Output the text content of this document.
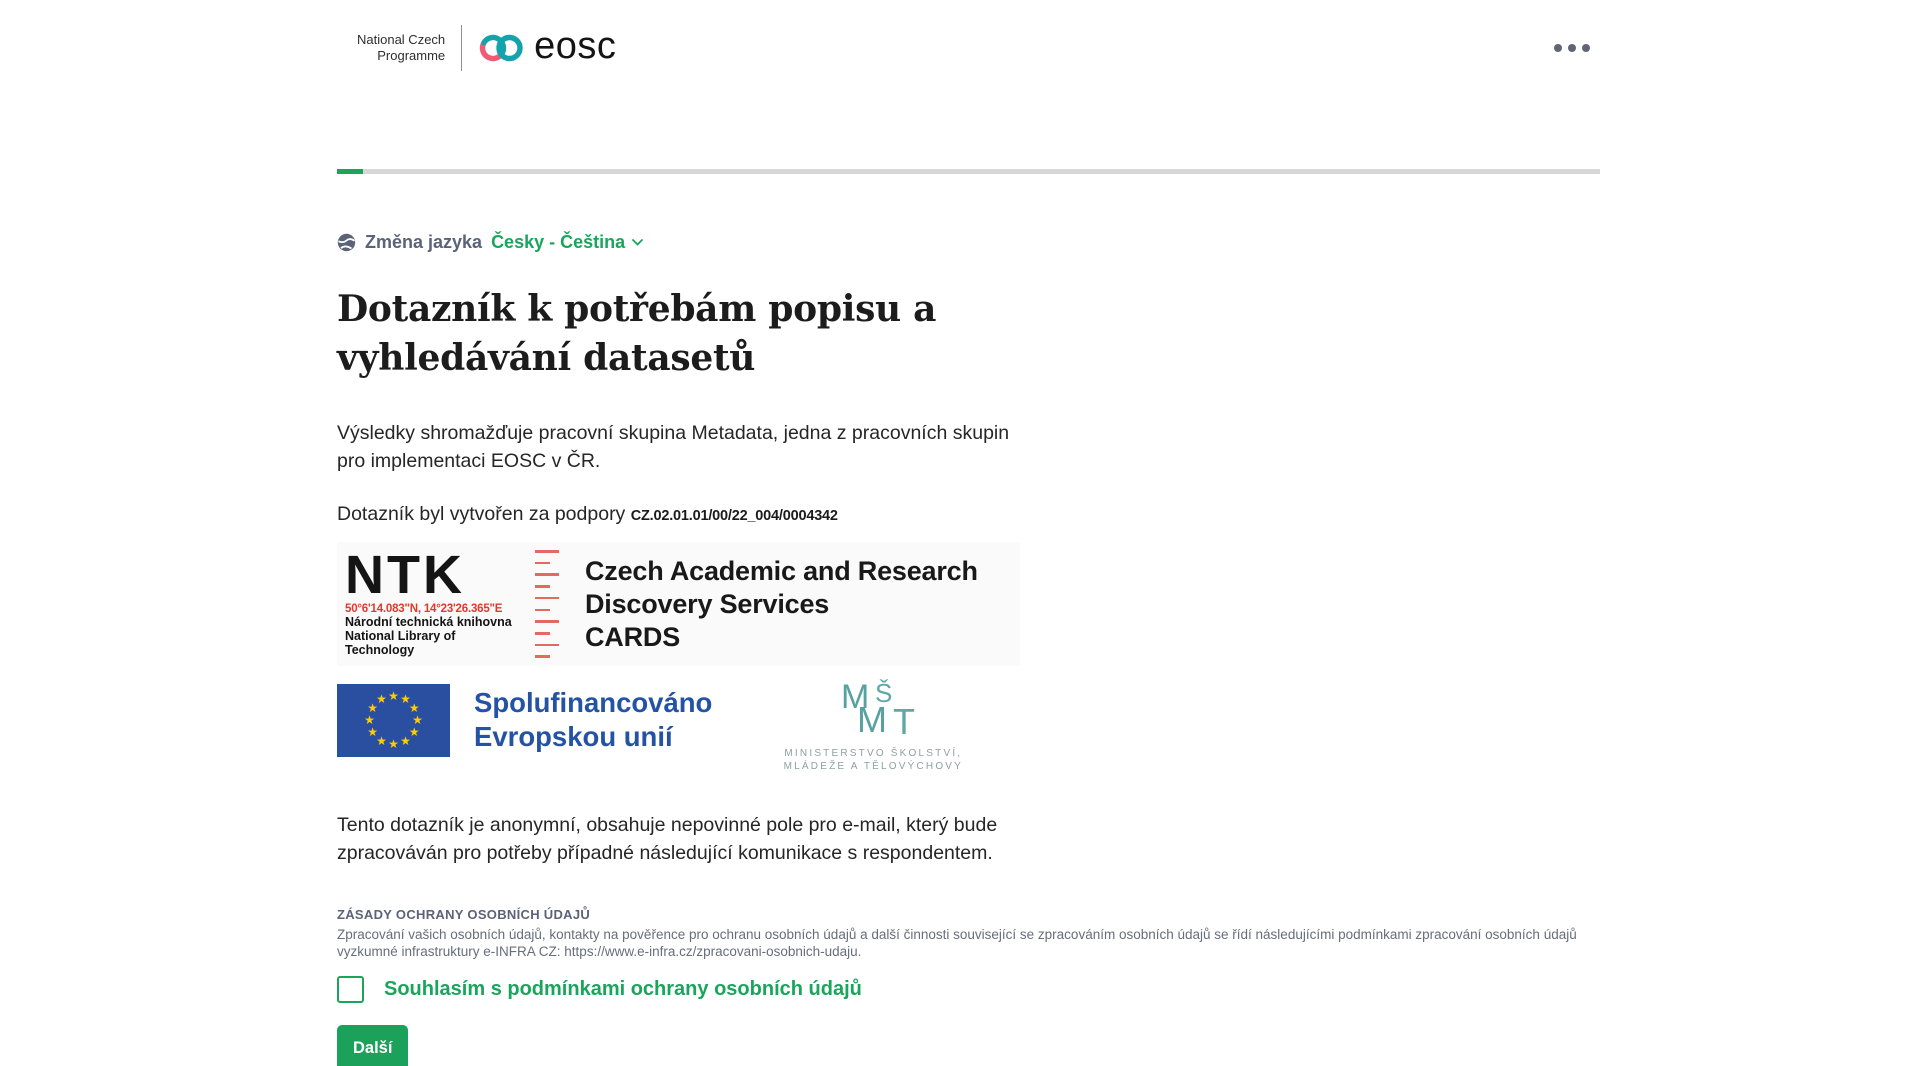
National Czech
Programme eosc
Změna jazyka Česky - Čeština
Dotazník k potřebám popisu a vyhledávání datasetů

Výsledky shromažďuje pracovní skupina Metadata, jedna z pracovních skupin pro implementaci EOSC v ČR.

Dotazník byl vytvořen za podpory CZ.02.01.01/00/22_004/0004342

NTK
50°6'14.083"N, 14°23'26.365"E
Národní technická knihovna
National Library of Technology
Czech Academic and Research
Discovery Services
CARDS
★ ★
★
★
★
★
★
★
★
★
★
★	Spolufinancováno
Evropskou unií
M Š
M T
MINISTERSTVO ŠKOLSTVÍ,
MLÁDEŽE A TĚLOVÝCHOVY

Tento dotazník je anonymní, obsahuje nepovinné pole pro e-mail, který bude zpracováván pro potřeby případné následující komunikace s respondentem.

ZÁSADY OCHRANY OSOBNÍCH ÚDAJŮ
Zpracování vašich osobních údajů, kontakty na pověřence pro ochranu osobních údajů a další činnosti související se zpracováním osobních údajů se řídí následujícími podmínkami zpracování osobních údajů vyzkumné infrastruktury e-INFRA CZ: https://www.e-infra.cz/zpracovani-osobnich-udaju.
Souhlasím s podmínkami ochrany osobních údajů
Další
